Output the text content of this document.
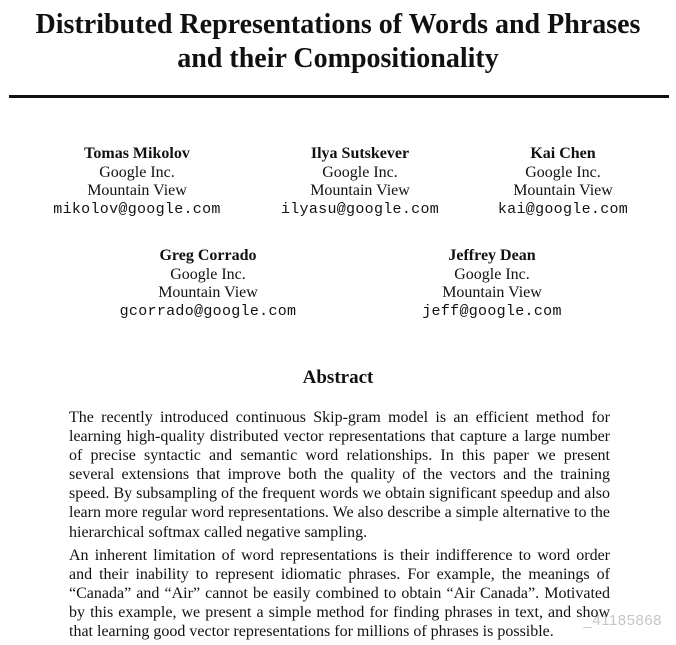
Distributed Representations of Words and Phrases
and their Compositionality
Tomas Mikolov
Google Inc.
Mountain View
mikolov@google.com
Ilya Sutskever
Google Inc.
Mountain View
ilyasu@google.com
Kai Chen
Google Inc.
Mountain View
kai@google.com
Greg Corrado
Google Inc.
Mountain View
gcorrado@google.com
Jeffrey Dean
Google Inc.
Mountain View
jeff@google.com
Abstract

The recently introduced continuous Skip-gram model is an efficient method for learning high-quality distributed vector representations that capture a large number of precise syntactic and semantic word relationships. In this paper we present several extensions that improve both the quality of the vectors and the training speed. By subsampling of the frequent words we obtain significant speedup and also learn more regular word representations. We also describe a simple alternative to the hierarchical softmax called negative sampling.

An inherent limitation of word representations is their indifference to word order and their inability to represent idiomatic phrases. For example, the meanings of “Canada” and “Air” cannot be easily combined to obtain “Air Canada”. Motivated by this example, we present a simple method for finding phrases in text, and show that learning good vector representations for millions of phrases is possible.

_41185868
